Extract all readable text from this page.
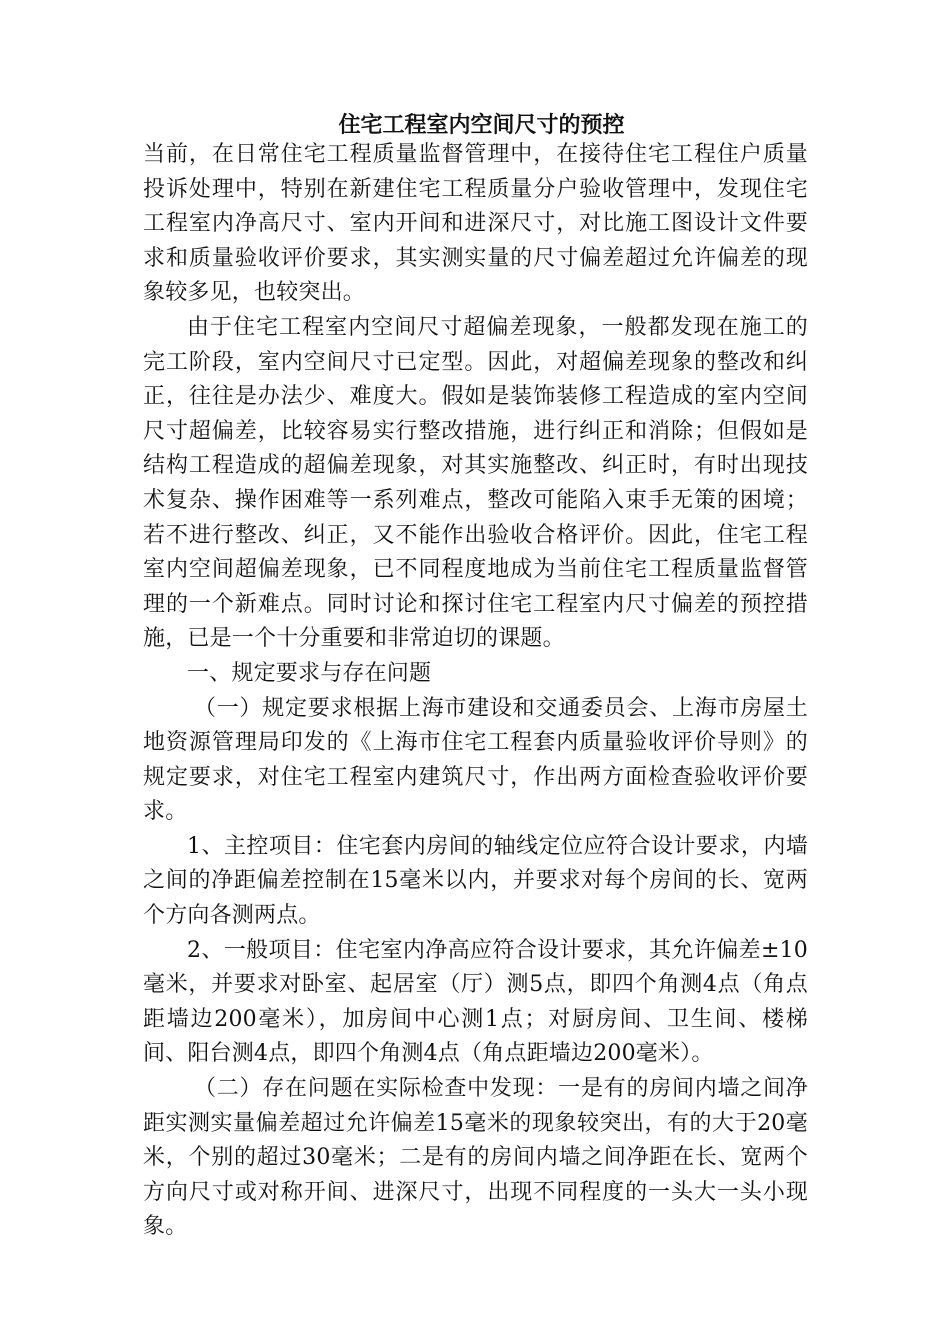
住宅工程室内空间尺寸的预控

当前，在日常住宅工程质量监督管理中，在接待住宅工程住户质量投诉处理中，特别在新建住宅工程质量分户验收管理中，发现住宅工程室内净高尺寸、室内开间和进深尺寸，对比施工图设计文件要求和质量验收评价要求，其实测实量的尺寸偏差超过允许偏差的现象较多见，也较突出。

由于住宅工程室内空间尺寸超偏差现象，一般都发现在施工的完工阶段，室内空间尺寸已定型。因此，对超偏差现象的整改和纠正，往往是办法少、难度大。假如是装饰装修工程造成的室内空间尺寸超偏差，比较容易实行整改措施，进行纠正和消除；但假如是结构工程造成的超偏差现象，对其实施整改、纠正时，有时出现技术复杂、操作困难等一系列难点，整改可能陷入束手无策的困境；若不进行整改、纠正，又不能作出验收合格评价。因此，住宅工程室内空间超偏差现象，已不同程度地成为当前住宅工程质量监督管理的一个新难点。同时讨论和探讨住宅工程室内尺寸偏差的预控措施，已是一个十分重要和非常迫切的课题。

一、规定要求与存在问题

（一）规定要求根据上海市建设和交通委员会、上海市房屋土地资源管理局印发的《上海市住宅工程套内质量验收评价导则》的规定要求，对住宅工程室内建筑尺寸，作出两方面检查验收评价要求。

1、主控项目：住宅套内房间的轴线定位应符合设计要求，内墙之间的净距偏差控制在15毫米以内，并要求对每个房间的长、宽两个方向各测两点。

2、一般项目：住宅室内净高应符合设计要求，其允许偏差±10毫米，并要求对卧室、起居室（厅）测5点，即四个角测4点（角点距墙边200毫米），加房间中心测1点；对厨房间、卫生间、楼梯间、阳台测4点，即四个角测4点（角点距墙边200毫米）。

（二）存在问题在实际检查中发现：一是有的房间内墙之间净距实测实量偏差超过允许偏差15毫米的现象较突出，有的大于20毫米，个别的超过30毫米；二是有的房间内墙之间净距在长、宽两个方向尺寸或对称开间、进深尺寸，出现不同程度的一头大一头小现象。
